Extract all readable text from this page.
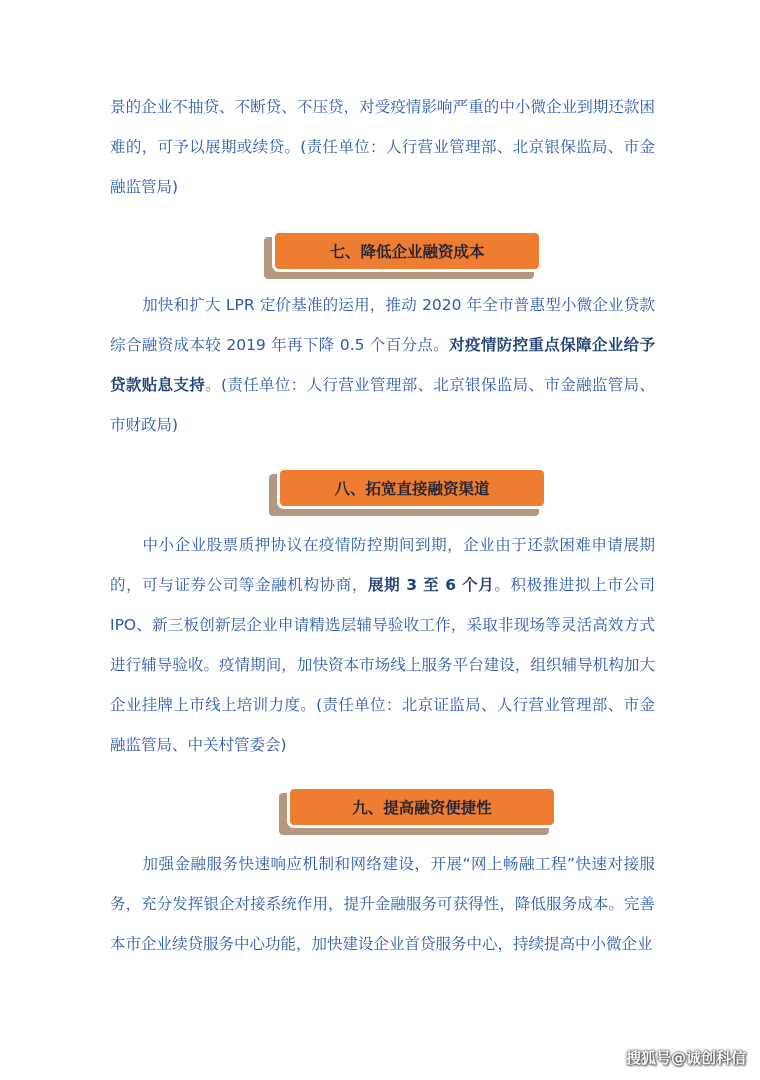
景的企业不抽贷、不断贷、不压贷，对受疫情影响严重的中小微企业到期还款困难的，可予以展期或续贷。(责任单位：人行营业管理部、北京银保监局、市金融监管局)

七、降低企业融资成本

加快和扩大 LPR 定价基准的运用，推动 2020 年全市普惠型小微企业贷款综合融资成本较 2019 年再下降 0.5 个百分点。对疫情防控重点保障企业给予贷款贴息支持。(责任单位：人行营业管理部、北京银保监局、市金融监管局、市财政局)

八、拓宽直接融资渠道

中小企业股票质押协议在疫情防控期间到期，企业由于还款困难申请展期的，可与证券公司等金融机构协商，展期 3 至 6 个月。积极推进拟上市公司 IPO、新三板创新层企业申请精选层辅导验收工作，采取非现场等灵活高效方式进行辅导验收。疫情期间，加快资本市场线上服务平台建设，组织辅导机构加大企业挂牌上市线上培训力度。(责任单位：北京证监局、人行营业管理部、市金融监管局、中关村管委会)

九、提高融资便捷性

加强金融服务快速响应机制和网络建设，开展“网上畅融工程”快速对接服务，充分发挥银企对接系统作用，提升金融服务可获得性，降低服务成本。完善本市企业续贷服务中心功能，加快建设企业首贷服务中心，持续提高中小微企业

搜狐号@诚创科信
